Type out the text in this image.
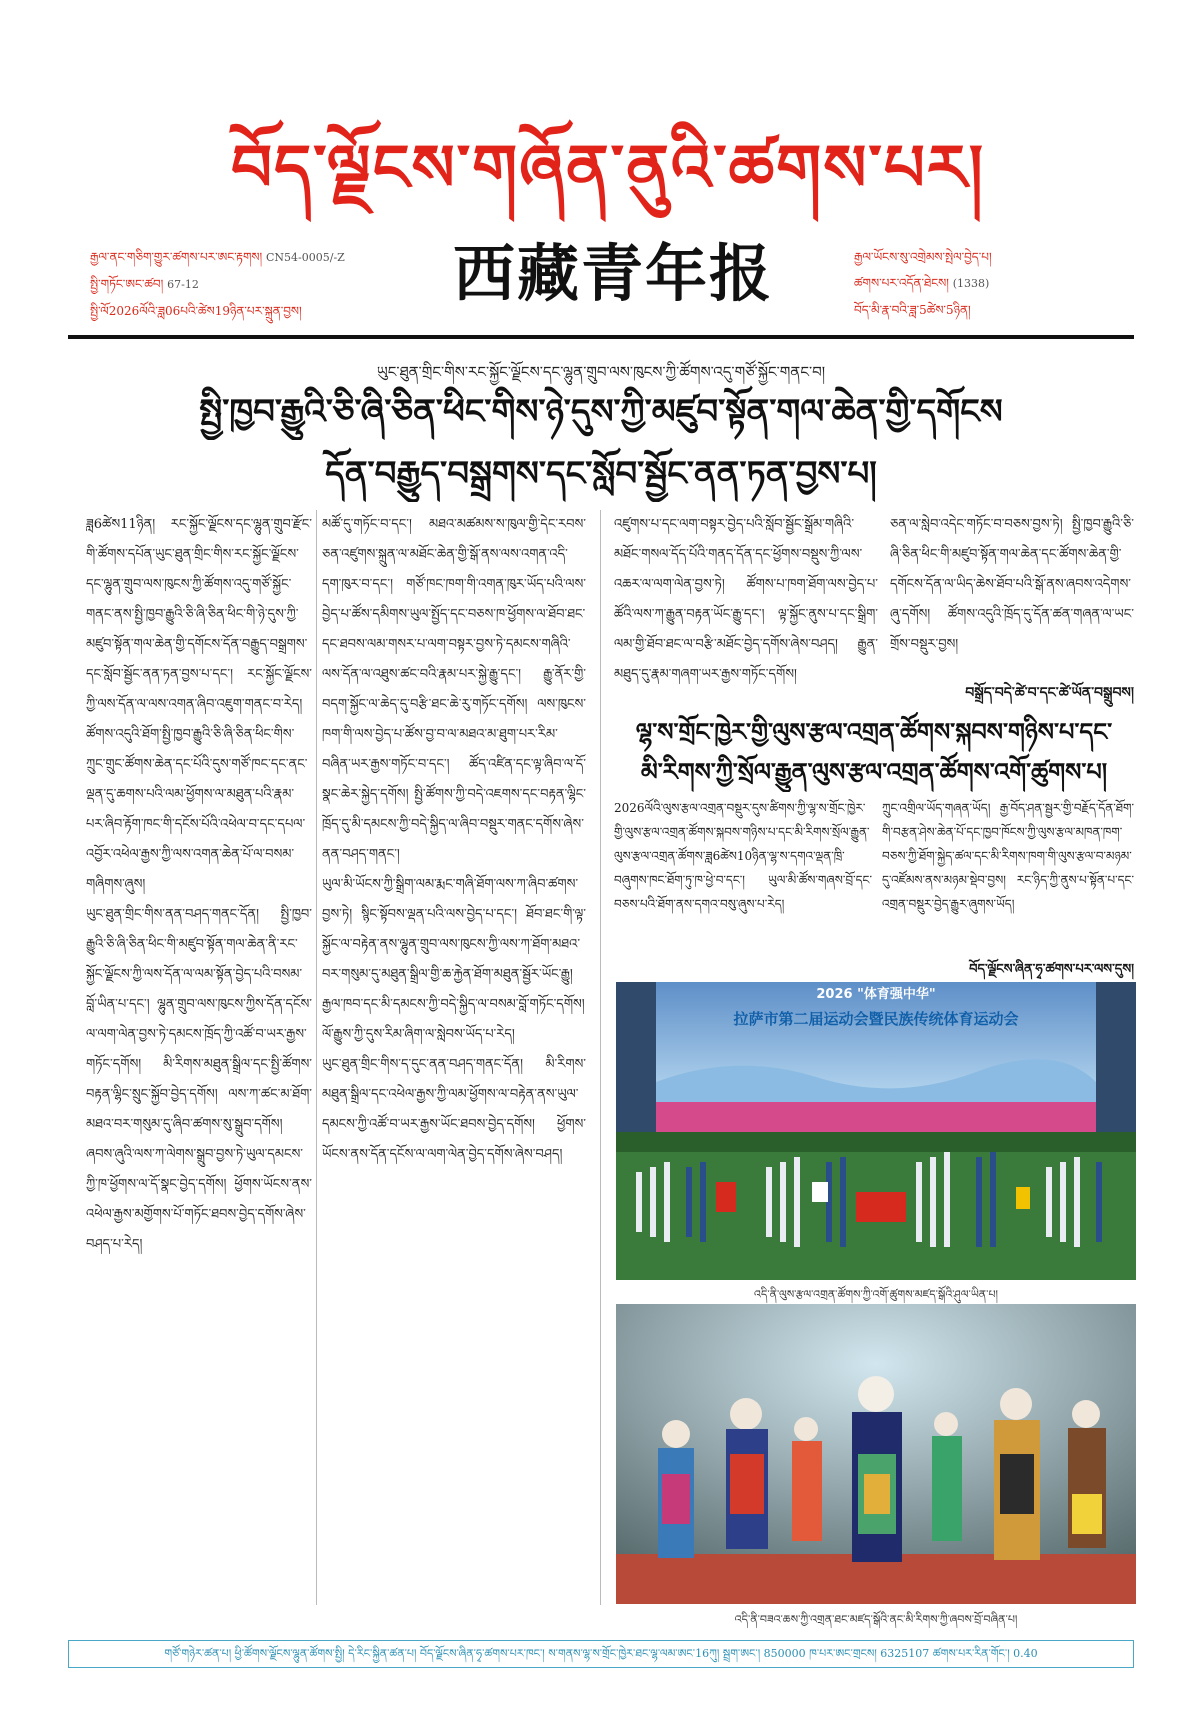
བོད་ལྗོངས་གཞོན་ནུའི་ཚགས་པར།
རྒྱལ་ནང་གཅིག་གྱུར་ཚགས་པར་ཨང་རྟགས། CN54-0005/-Z
སྤྱི་གཏོང་ཨང་ཚབ། 67-12
སྤྱི་ལོ2026ལོའི་ཟླ06པའི་ཚེས19ཉིན་པར་སྐྲུན་བྱས།
西藏青年报	རྒྱལ་ཡོངས་སུ་འགྲེམས་སྤེལ་བྱེད་པ།
ཚགས་པར་འདོན་ཐེངས། (1338)
བོད་མི་རྣ་བའི་ཟླ་5ཚེས་5ཉིན།
ཡུང་ཐུན་གྲིང་གིས་རང་སྐྱོང་ལྗོངས་དང་ལྷུན་གྲུབ་ལས་ཁུངས་ཀྱི་ཚོགས་འདུ་གཙོ་སྐྱོང་གནང་བ།
སྤྱི་ཁྱབ་རྒྱུའི་ཅི་ཞི་ཅིན་ཕིང་གིས་ཉེ་དུས་ཀྱི་མཛུབ་སྟོན་གལ་ཆེན་གྱི་དགོངས
དོན་བརྒྱུད་བསྒྲགས་དང་སློབ་སྦྱོང་ནན་ཏན་བྱས་པ།

ཟླ6ཚེས11ཉིན། རང་སྐྱོང་ལྗོངས་དང་ལྷུན་གྲུབ་རྫོང་གི་ཚོགས་དཔོན་ཡུང་ཐུན་གྲིང་གིས་རང་སྐྱོང་ལྗོངས་དང་ལྷུན་གྲུབ་ལས་ཁུངས་ཀྱི་ཚོགས་འདུ་གཙོ་སྐྱོང་གནང་ནས་སྤྱི་ཁྱབ་རྒྱུའི་ཅི་ཞི་ཅིན་ཕིང་གི་ཉེ་དུས་ཀྱི་མཛུབ་སྟོན་གལ་ཆེན་གྱི་དགོངས་དོན་བརྒྱུད་བསྒྲགས་དང་སློབ་སྦྱོང་ནན་ཏན་བྱས་པ་དང་། རང་སྐྱོང་ལྗོངས་ཀྱི་ལས་དོན་ལ་ལས་འགན་ཞིབ་འཇུག་གནང་བ་རེད།

ཚོགས་འདུའི་ཐོག་སྤྱི་ཁྱབ་རྒྱུའི་ཅི་ཞི་ཅིན་ཕིང་གིས་ཀྲུང་གྲུང་ཚོགས་ཆེན་དང་པོའི་དུས་གཙོ་ཁང་དང་ནང་ལྡན་དུ་ཆགས་པའི་ལམ་ཕྱོགས་ལ་མཐུན་པའི་རྣམ་པར་ཞིབ་རྟོག་ཁང་གི་དངོས་པོའི་འཕེལ་བ་དང་དཔལ་འབྱོར་འཕེལ་རྒྱས་ཀྱི་ལས་འགན་ཆེན་པོ་ལ་བསམ་གཞིགས་ཞུས།

ཡུང་ཐུན་གྲིང་གིས་ནན་བཤད་གནང་དོན། སྤྱི་ཁྱབ་རྒྱུའི་ཅི་ཞི་ཅིན་ཕིང་གི་མཛུབ་སྟོན་གལ་ཆེན་ནི་རང་སྐྱོང་ལྗོངས་ཀྱི་ལས་དོན་ལ་ལམ་སྟོན་བྱེད་པའི་བསམ་བློ་ཡིན་པ་དང་། ལྷུན་གྲུབ་ལས་ཁུངས་ཀྱིས་དོན་དངོས་ལ་ལག་ལེན་བྱས་ཏེ་དམངས་ཁྲོད་ཀྱི་འཚོ་བ་ཡར་རྒྱས་གཏོང་དགོས། མི་རིགས་མཐུན་སྒྲིལ་དང་སྤྱི་ཚོགས་བརྟན་ལྷིང་སྲུང་སྐྱོབ་བྱེད་དགོས། ལས་ཀ་ཚང་མ་ཐོག་མཐའ་བར་གསུམ་དུ་ཞིབ་ཚགས་སུ་སྒྲུབ་དགོས། ཞབས་ཞུའི་ལས་ཀ་ལེགས་སྒྲུབ་བྱས་ཏེ་ཡུལ་དམངས་ཀྱི་ཁ་ཕྱོགས་ལ་དོ་སྣང་བྱེད་དགོས། ཕྱོགས་ཡོངས་ནས་འཕེལ་རྒྱས་མགྱོགས་པོ་གཏོང་ཐབས་བྱེད་དགོས་ཞེས་བཤད་པ་རེད།

མཚོ་དུ་གཏོང་བ་དང་། མཐའ་མཚམས་ས་ཁུལ་གྱི་དེང་རབས་ཅན་འཛུགས་སྐྲུན་ལ་མཐོང་ཆེན་གྱི་སྒོ་ནས་ལས་འགན་འདི་དག་ཁུར་བ་དང་། གཙོ་ཁང་ཁག་གི་འགན་ཁུར་ཡོད་པའི་ལས་བྱེད་པ་ཚོས་དམིགས་ཡུལ་སྤྱོད་དང་བཅས་ཁ་ཕྱོགས་ལ་ཐོབ་ཐང་དང་ཐབས་ལམ་གསར་པ་ལག་བསྟར་བྱས་ཏེ་དམངས་གཞིའི་ལས་དོན་ལ་འཐུས་ཚང་བའི་རྣམ་པར་སྐྱེ་རྒྱུ་དང་། རྒྱུ་ནོར་གྱི་བདག་སྐྱོང་ལ་ཆེད་དུ་བརྩི་ཐང་ཆེ་རུ་གཏོང་དགོས། ལས་ཁུངས་ཁག་གི་ལས་བྱེད་པ་ཚོས་བྱ་བ་ལ་མཐའ་མ་ཐུག་པར་རིམ་བཞིན་ཡར་རྒྱས་གཏོང་བ་དང་། ཚོད་འཛིན་དང་ལྟ་ཞིབ་ལ་དོ་སྣང་ཆེར་སྐྱེད་དགོས། སྤྱི་ཚོགས་ཀྱི་བདེ་འཇགས་དང་བརྟན་ལྷིང་ཁྲོད་དུ་མི་དམངས་ཀྱི་བདེ་སྐྱིད་ལ་ཞིབ་བསྡུར་གནང་དགོས་ཞེས་ནན་བཤད་གནང་།

ཡུལ་མི་ཡོངས་ཀྱི་སྒྲིག་ལམ་རྨང་གཞི་ཐོག་ལས་ཀ་ཞིབ་ཚགས་བྱས་ཏེ། སྙིང་སྟོབས་ལྡན་པའི་ལས་བྱེད་པ་དང་། ཐོབ་ཐང་གི་ལྟ་སྐྱོང་ལ་བརྟེན་ནས་ལྷུན་གྲུབ་ལས་ཁུངས་ཀྱི་ལས་ཀ་ཐོག་མཐའ་བར་གསུམ་དུ་མཐུན་སྒྲིལ་གྱི་ཆ་རྐྱེན་ཐོག་མཐུན་སྦྱོར་ཡོང་རྒྱུ། རྒྱལ་ཁབ་དང་མི་དམངས་ཀྱི་བདེ་སྐྱིད་ལ་བསམ་བློ་གཏོང་དགོས། ལོ་རྒྱུས་ཀྱི་དུས་རིམ་ཞིག་ལ་སླེབས་ཡོད་པ་རེད།

ཡུང་ཐུན་གྲིང་གིས་ད་དུང་ནན་བཤད་གནང་དོན། མི་རིགས་མཐུན་སྒྲིལ་དང་འཕེལ་རྒྱས་ཀྱི་ལམ་ཕྱོགས་ལ་བརྟེན་ནས་ཡུལ་དམངས་ཀྱི་འཚོ་བ་ཡར་རྒྱས་ཡོང་ཐབས་བྱེད་དགོས། ཕྱོགས་ཡོངས་ནས་དོན་དངོས་ལ་ལག་ལེན་བྱེད་དགོས་ཞེས་བཤད།

འཛུགས་པ་དང་ལག་བསྟར་བྱེད་པའི་སློབ་སྦྱོང་སྒྲོམ་གཞིའི་མཐོང་གསལ་དོད་པོའི་གནད་དོན་དང་ཕྱོགས་བསྡུས་ཀྱི་ལས་འཆར་ལ་ལག་ལེན་བྱས་ཏེ། ཚོགས་པ་ཁག་ཐོག་ལས་བྱེད་པ་ཚོའི་ལས་ཀ་རྒྱུན་བརྟན་ཡོང་རྒྱུ་དང་། ལྟ་སྐྱོང་ནུས་པ་དང་སྒྲིག་ལམ་གྱི་ཐོབ་ཐང་ལ་བརྩི་མཐོང་བྱེད་དགོས་ཞེས་བཤད། རྒྱུན་མཐུད་དུ་རྣམ་གཞག་ཡར་རྒྱས་གཏོང་དགོས།

ཅན་ལ་སླེབ་འདེང་གཏོང་བ་བཅས་བྱས་ཏེ། སྤྱི་ཁྱབ་རྒྱུའི་ཅི་ཞི་ཅིན་ཕིང་གི་མཛུབ་སྟོན་གལ་ཆེན་དང་ཚོགས་ཆེན་གྱི་དགོངས་དོན་ལ་ཡིད་ཆེས་ཐོབ་པའི་སྒོ་ནས་ཞབས་འདེགས་ཞུ་དགོས། ཚོགས་འདུའི་ཁྲོད་དུ་དོན་ཚན་གཞན་ལ་ཡང་གྲོས་བསྡུར་བྱས།

བསྒྲོད་བདེ་ཚེ་བ་དང་ཚེ་ཡོན་བསྒྲུབས།
ལྷ་ས་གྲོང་ཁྱེར་གྱི་ལུས་རྩལ་འགྲན་ཚོགས་སྐབས་གཉིས་པ་དང་
མི་རིགས་ཀྱི་སྲོལ་རྒྱུན་ལུས་རྩལ་འགྲན་ཚོགས་འགོ་ཚུགས་པ།

2026ལོའི་ལུས་རྩལ་འགྲན་བསྡུར་དུས་ཚིགས་ཀྱི་ལྷ་ས་གྲོང་ཁྱེར་གྱི་ལུས་རྩལ་འགྲན་ཚོགས་སྐབས་གཉིས་པ་དང་མི་རིགས་སྲོལ་རྒྱུན་ལུས་རྩལ་འགྲན་ཚོགས་ཟླ6ཚེས10ཉིན་ལྷ་ས་དགའ་ལྡན་ཁྲི་བཞུགས་ཁང་ཐོག་ཏུ་ཁ་ཕྱེ་བ་དང་། ཡུལ་མི་ཚོས་གཞས་བྲོ་དང་བཅས་པའི་ཐོག་ནས་དགའ་བསུ་ཞུས་པ་རེད།

ཀྲུང་འགྲིལ་ཡོད་གཞན་ཡོད། རྒྱ་བོད་ཤན་སྦྱར་གྱི་བརྗོད་དོན་ཐོག་གི་བརྩན་ཤེས་ཆེན་པོ་དང་ཁྱབ་ཁོངས་ཀྱི་ལུས་རྩལ་མཁན་ཁག་བཅས་ཀྱི་ཐོག་སྐྱེད་ཚལ་དང་མི་རིགས་ཁག་གི་ལུས་རྩལ་བ་མཉམ་དུ་འཛོམས་ནས་མཉམ་སྡེབ་བྱས། རང་ཉིད་ཀྱི་ནུས་པ་སྟོན་པ་དང་འགྲན་བསྡུར་བྱེད་རྒྱུར་ཞུགས་ཡོད།

བོད་ལྗོངས་ཞིན་ཧྭ་ཚགས་པར་ལས་དུས།
2026 "体育强中华"
拉萨市第二届运动会暨民族传统体育运动会
འདི་ནི་ལུས་རྩལ་འགྲན་ཚོགས་ཀྱི་འགོ་ཚུགས་མཛད་སྒོའི་ཤུལ་ཡིན་པ།
འདི་ནི་བཟའ་ཆས་ཀྱི་འགྲན་ཐང་མཛད་སྒོའི་ནང་མི་རིགས་ཀྱི་ཞབས་བྲོ་བཞིན་པ།
གཙོ་གཉེར་ཚན་པ། ཕྱི་ཚོགས་ལྗོངས་ལྷུན་ཚོགས་སྤྱི། དེ་རིང་སྐྱིན་ཚན་པ། བོད་ལྗོངས་ཞིན་ཧྭ་ཚགས་པར་ཁང་། ས་གནས་ལྷ་ས་གྲོང་ཁྱེར་ཐང་ལྷ་ལམ་ཨང་16ཀུ། སྦྲག་ཨང་། 850000 ཁ་པར་ཨང་གྲངས། 6325107 ཚགས་པར་རིན་གོང་། 0.40
